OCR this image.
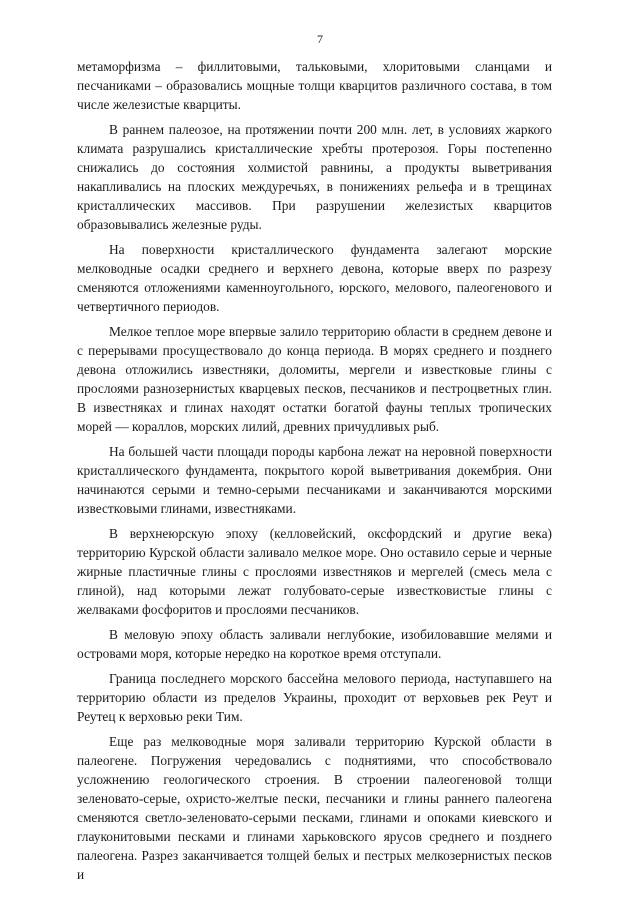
7

метаморфизма – филлитовыми, тальковыми, хлоритовыми сланцами и песчаниками – образовались мощные толщи кварцитов различного состава, в том числе железистые кварциты.

В раннем палеозое, на протяжении почти 200 млн. лет, в условиях жаркого климата разрушались кристаллические хребты протерозоя. Горы постепенно снижались до состояния холмистой равнины, а продукты выветривания накапливались на плоских междуречьях, в понижениях рельефа и в трещинах кристаллических массивов. При разрушении железистых кварцитов образовывались железные руды.

На поверхности кристаллического фундамента залегают морские мелководные осадки среднего и верхнего девона, которые вверх по разрезу сменяются отложениями каменноугольного, юрского, мелового, палеогенового и четвертичного периодов.

Мелкое теплое море впервые залило территорию области в среднем девоне и с перерывами просуществовало до конца периода. В морях среднего и позднего девона отложились известняки, доломиты, мергели и известковые глины с прослоями разнозернистых кварцевых песков, песчаников и пестроцветных глин. В известняках и глинах находят остатки богатой фауны теплых тропических морей — кораллов, морских лилий, древних причудливых рыб.

На большей части площади породы карбона лежат на неровной поверхности кристаллического фундамента, покрытого корой выветривания докембрия. Они начинаются серыми и темно-серыми песчаниками и заканчиваются морскими известковыми глинами, известняками.

В верхнеюрскую эпоху (келловейский, оксфордский и другие века) территорию Курской области заливало мелкое море. Оно оставило серые и черные жирные пластичные глины с прослоями известняков и мергелей (смесь мела с глиной), над которыми лежат голубовато-серые известковистые глины с желваками фосфоритов и прослоями песчаников.

В меловую эпоху область заливали неглубокие, изобиловавшие мелями и островами моря, которые нередко на короткое время отступали.

Граница последнего морского бассейна мелового периода, наступавшего на территорию области из пределов Украины, проходит от верховьев рек Реут и Реутец к верховью реки Тим.

Еще раз мелководные моря заливали территорию Курской области в палеогене. Погружения чередовались с поднятиями, что способствовало усложнению геологического строения. В строении палеогеновой толщи зеленовато-серые, охристо-желтые пески, песчаники и глины раннего палеогена сменяются светло-зеленовато-серыми песками, глинами и опоками киевского и глауконитовыми песками и глинами харьковского ярусов среднего и позднего палеогена. Разрез заканчивается толщей белых и пестрых мелкозернистых песков и
